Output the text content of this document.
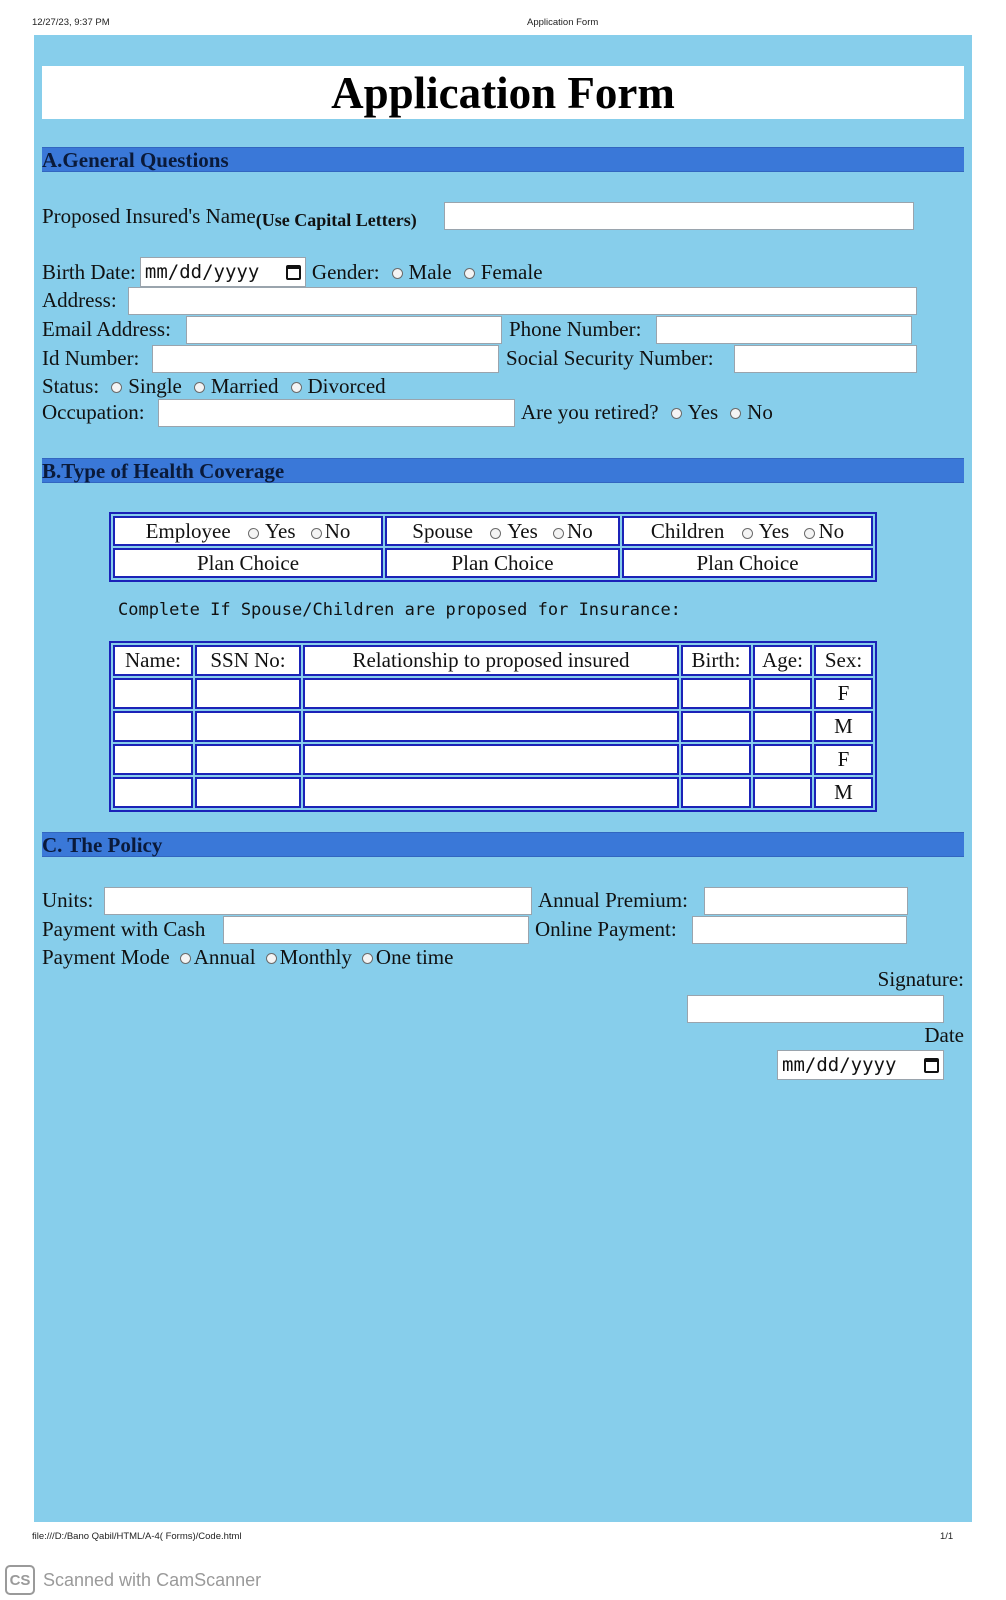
12/27/23, 9:37 PM	Application Form
Application Form
A.General Questions
Proposed Insured's Name (Use Capital Letters)
Birth Date: mm/dd/yyyy	Gender: Male Female
Address:
Email Address:	Phone Number:
Id Number:	Social Security Number:
Status: Single Married Divorced
Occupation:	Are you retired? Yes No
B.Type of Health Coverage
Employee Yes No	Spouse Yes No	Children Yes No
Plan Choice	Plan Choice	Plan Choice
Complete If Spouse/Children are proposed for Insurance:
Name:	SSN No:	Relationship to proposed insured	Birth:	Age:	Sex:
					F
					M
					F
					M
C. The Policy
Units:	Annual Premium:
Payment with Cash	Online Payment:
Payment Mode Annual Monthly One time
Signature:
Date
mm/dd/yyyy
file:///D:/Bano Qabil/HTML/A-4( Forms)/Code.html	1/1
CS Scanned with CamScanner
